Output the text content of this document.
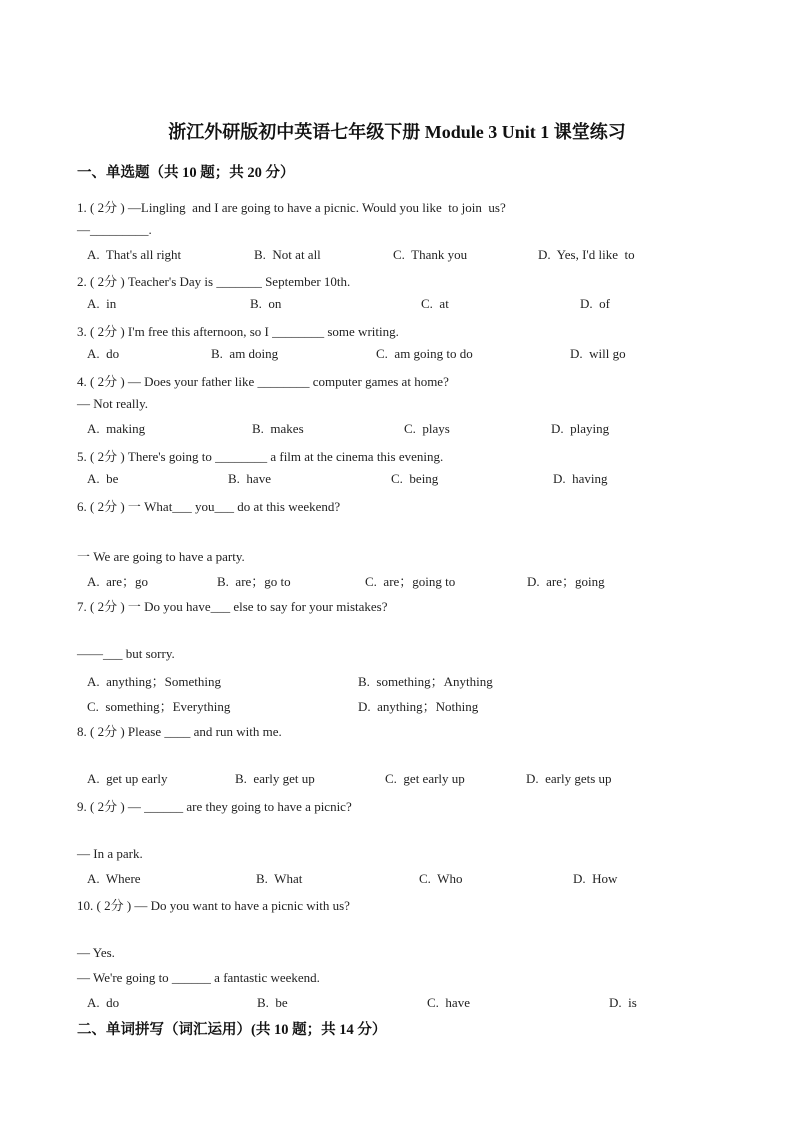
浙江外研版初中英语七年级下册 Module 3 Unit 1 课堂练习
一、单选题（共 10 题；共 20 分）
1. ( 2分 ) —Lingling  and I are going to have a picnic. Would you like  to join  us?
—_________.
A.  That's all right	B.  Not at all	C.  Thank you	D.  Yes, I'd like  to
2. ( 2分 ) Teacher's Day is _______ September 10th.
A.  in	B.  on	C.  at	D.  of
3. ( 2分 ) I'm free this afternoon, so I ________ some writing.
A.  do	B.  am doing	C.  am going to do	D.  will go
4. ( 2分 ) — Does your father like ________ computer games at home?
— Not really.
A.  making	B.  makes	C.  plays	D.  playing
5. ( 2分 ) There's going to ________ a film at the cinema this evening.
A.  be	B.  have	C.  being	D.  having
6. ( 2分 ) 一 What___ you___ do at this weekend?
一 We are going to have a party.
A.  are；go	B.  are；go to	C.  are；going to	D.  are；going
7. ( 2分 ) 一 Do you have___ else to say for your mistakes?
——___ but sorry.
A.  anything；Something	B.  something；Anything
C.  something；Everything	D.  anything；Nothing
8. ( 2分 ) Please ____ and run with me.
A.  get up early	B.  early get up	C.  get early up	D.  early gets up
9. ( 2分 ) — ______ are they going to have a picnic?
— In a park.
A.  Where	B.  What	C.  Who	D.  How
10. ( 2分 ) — Do you want to have a picnic with us?
— Yes.
— We're going to ______ a fantastic weekend.
A.  do	B.  be	C.  have	D.  is
二、单词拼写（词汇运用）(共 10 题；共 14 分）
